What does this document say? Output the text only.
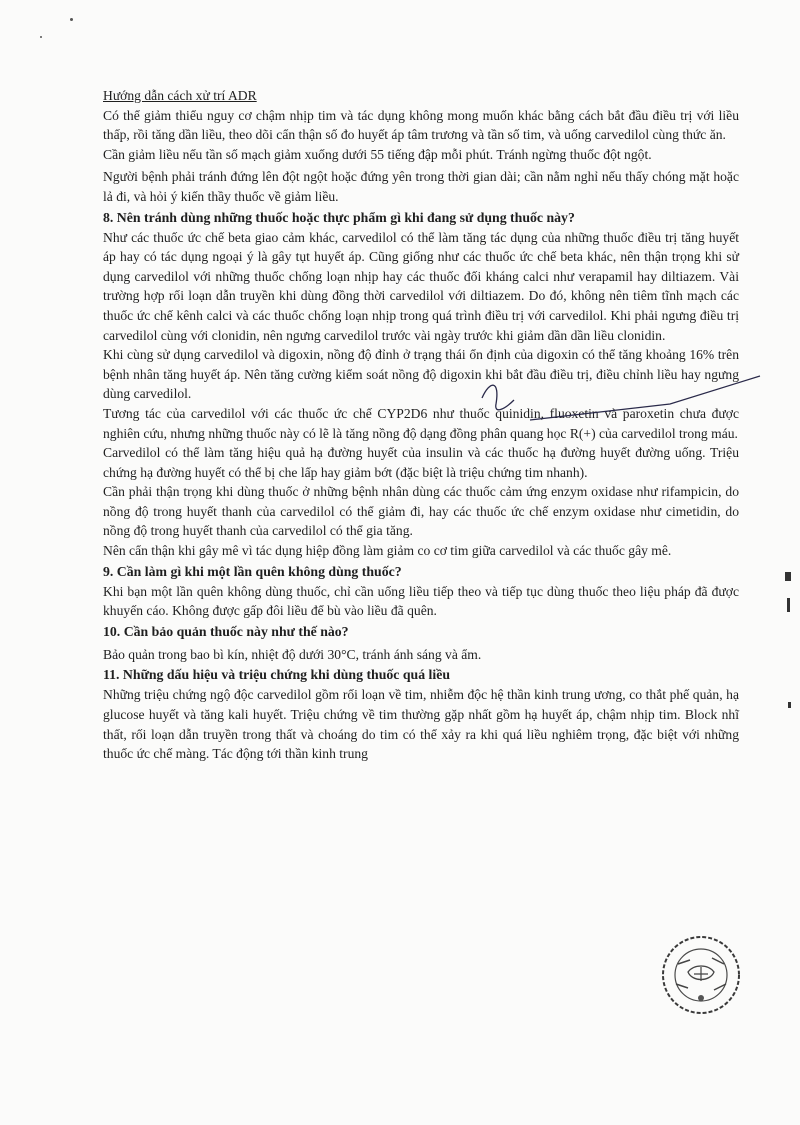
Hướng dẫn cách xử trí ADR

Có thể giảm thiểu nguy cơ chậm nhịp tim và tác dụng không mong muốn khác bằng cách bắt đầu điều trị với liều thấp, rồi tăng dần liều, theo dõi cẩn thận số đo huyết áp tâm trương và tần số tim, và uống carvedilol cùng thức ăn.

Cần giảm liều nếu tần số mạch giảm xuống dưới 55 tiếng đập mỗi phút. Tránh ngừng thuốc đột ngột.

Người bệnh phải tránh đứng lên đột ngột hoặc đứng yên trong thời gian dài; cần nằm nghỉ nếu thấy chóng mặt hoặc lả đi, và hỏi ý kiến thầy thuốc về giảm liều.

8. Nên tránh dùng những thuốc hoặc thực phẩm gì khi đang sử dụng thuốc này?

Như các thuốc ức chế beta giao cảm khác, carvedilol có thể làm tăng tác dụng của những thuốc điều trị tăng huyết áp hay có tác dụng ngoại ý là gây tụt huyết áp. Cũng giống như các thuốc ức chế beta khác, nên thận trọng khi sử dụng carvedilol với những thuốc chống loạn nhịp hay các thuốc đối kháng calci như verapamil hay diltiazem. Vài trường hợp rối loạn dẫn truyền khi dùng đồng thời carvedilol với diltiazem. Do đó, không nên tiêm tĩnh mạch các thuốc ức chế kênh calci và các thuốc chống loạn nhịp trong quá trình điều trị với carvedilol. Khi phải ngưng điều trị carvedilol cùng với clonidin, nên ngưng carvedilol trước vài ngày trước khi giảm dần dần liều clonidin.

Khi cùng sử dụng carvedilol và digoxin, nồng độ đỉnh ở trạng thái ổn định của digoxin có thể tăng khoảng 16% trên bệnh nhân tăng huyết áp. Nên tăng cường kiểm soát nồng độ digoxin khi bắt đầu điều trị, điều chỉnh liều hay ngưng dùng carvedilol.

Tương tác của carvedilol với các thuốc ức chế CYP2D6 như thuốc quinidin, fluoxetin và paroxetin chưa được nghiên cứu, nhưng những thuốc này có lẽ là tăng nồng độ dạng đồng phân quang học R(+) của carvedilol trong máu.

Carvedilol có thể làm tăng hiệu quả hạ đường huyết của insulin và các thuốc hạ đường huyết đường uống. Triệu chứng hạ đường huyết có thể bị che lấp hay giảm bớt (đặc biệt là triệu chứng tim nhanh).

Cần phải thận trọng khi dùng thuốc ở những bệnh nhân dùng các thuốc cảm ứng enzym oxidase như rifampicin, do nồng độ trong huyết thanh của carvedilol có thể giảm đi, hay các thuốc ức chế enzym oxidase như cimetidin, do nồng độ trong huyết thanh của carvedilol có thể gia tăng.

Nên cẩn thận khi gây mê vì tác dụng hiệp đồng làm giảm co cơ tim giữa carvedilol và các thuốc gây mê.

9. Cần làm gì khi một lần quên không dùng thuốc?

Khi bạn một lần quên không dùng thuốc, chỉ cần uống liều tiếp theo và tiếp tục dùng thuốc theo liệu pháp đã được khuyến cáo. Không được gấp đôi liều để bù vào liều đã quên.

10. Cần bảo quản thuốc này như thế nào?

Bảo quản trong bao bì kín, nhiệt độ dưới 30°C, tránh ánh sáng và ẩm.

11. Những dấu hiệu và triệu chứng khi dùng thuốc quá liều

Những triệu chứng ngộ độc carvedilol gồm rối loạn về tim, nhiễm độc hệ thần kinh trung ương, co thắt phế quản, hạ glucose huyết và tăng kali huyết. Triệu chứng về tim thường gặp nhất gồm hạ huyết áp, chậm nhịp tim. Block nhĩ thất, rối loạn dẫn truyền trong thất và choáng do tim có thể xảy ra khi quá liều nghiêm trọng, đặc biệt với những thuốc ức chế màng. Tác động tới thần kinh trung
